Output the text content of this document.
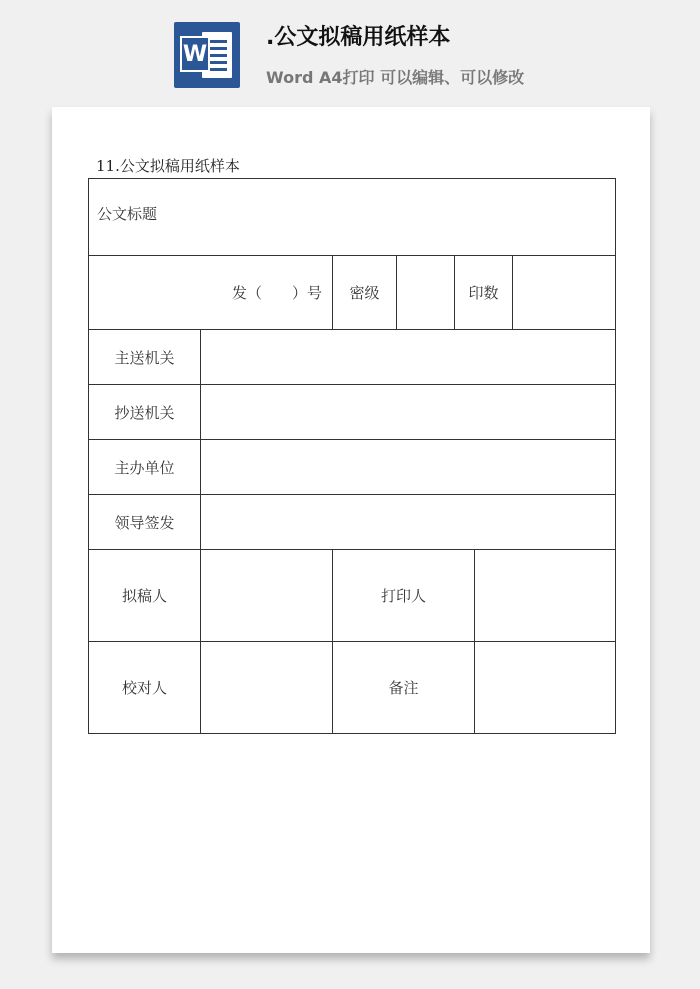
W
.公文拟稿用纸样本
Word A4打印 可以编辑、可以修改
11.公文拟稿用纸样本
公文标题						
发（　　）号		密级		印数		
主送机关						
抄送机关						
主办单位						
领导签发						
拟稿人		打印人				
校对人		备注				
